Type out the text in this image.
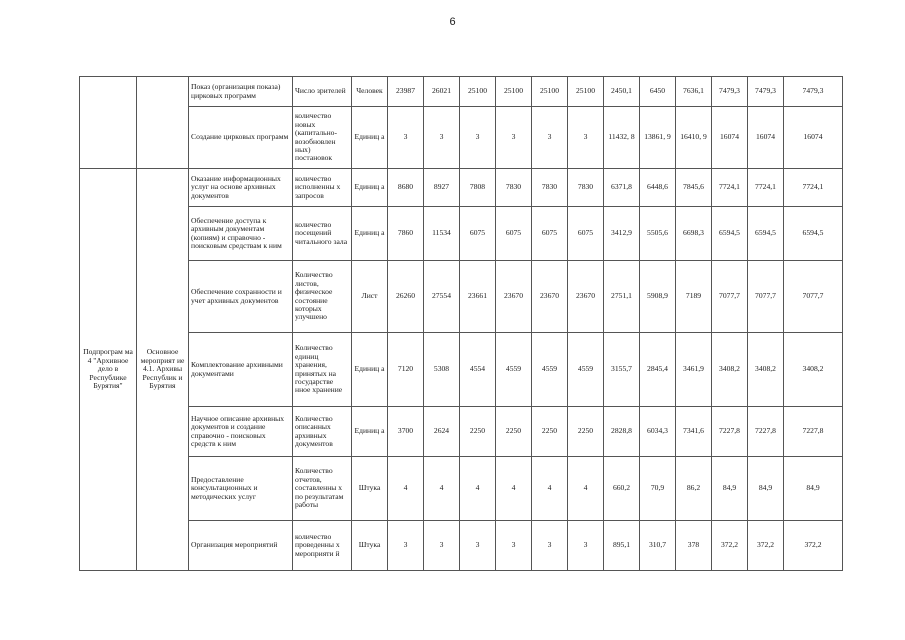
6
		Показ (организация показа) цирковых программ	Число зрителей	Человек	23987	26021	25100	25100	25100	25100	2450,1	6450	7636,1	7479,3	7479,3	7479,3
		Создание цирковых программ	количество новых (капитально-возобновлен ных) постановок	Единиц а	3	3	3	3	3	3	11432, 8	13861, 9	16410, 9	16074	16074	16074
Подпрограм ма 4 "Архивное дело в Республике Бурятия"	Основное мероприят ие 4.1. Архивы Республик и Бурятия	Оказание информационных услуг на основе архивных документов	количество исполненны х запросов	Единиц а	8680	8927	7808	7830	7830	7830	6371,8	6448,6	7845,6	7724,1	7724,1	7724,1
		Обеспечение доступа к архивным документам (копиям) и справочно - поисковым средствам к ним	количество посещений читального зала	Единиц а	7860	11534	6075	6075	6075	6075	3412,9	5505,6	6698,3	6594,5	6594,5	6594,5
		Обеспечение сохранности и учет архивных документов	Количество листов, физическое состояние которых улучшено	Лист	26260	27554	23661	23670	23670	23670	2751,1	5908,9	7189	7077,7	7077,7	7077,7
		Комплектование архивными документами	Количество единиц хранения, принятых на государстве нное хранение	Единиц а	7120	5308	4554	4559	4559	4559	3155,7	2845,4	3461,9	3408,2	3408,2	3408,2
		Научное описание архивных документов и создание справочно - поисковых средств к ним	Количество описанных архивных документов	Единиц а	3700	2624	2250	2250	2250	2250	2828,8	6034,3	7341,6	7227,8	7227,8	7227,8
		Предоставление консультационных и методических услуг	Количество отчетов, составленны х по результатам работы	Штука	4	4	4	4	4	4	660,2	70,9	86,2	84,9	84,9	84,9
		Организация мероприятий	количество проведенны х мероприяти й	Штука	3	3	3	3	3	3	895,1	310,7	378	372,2	372,2	372,2
